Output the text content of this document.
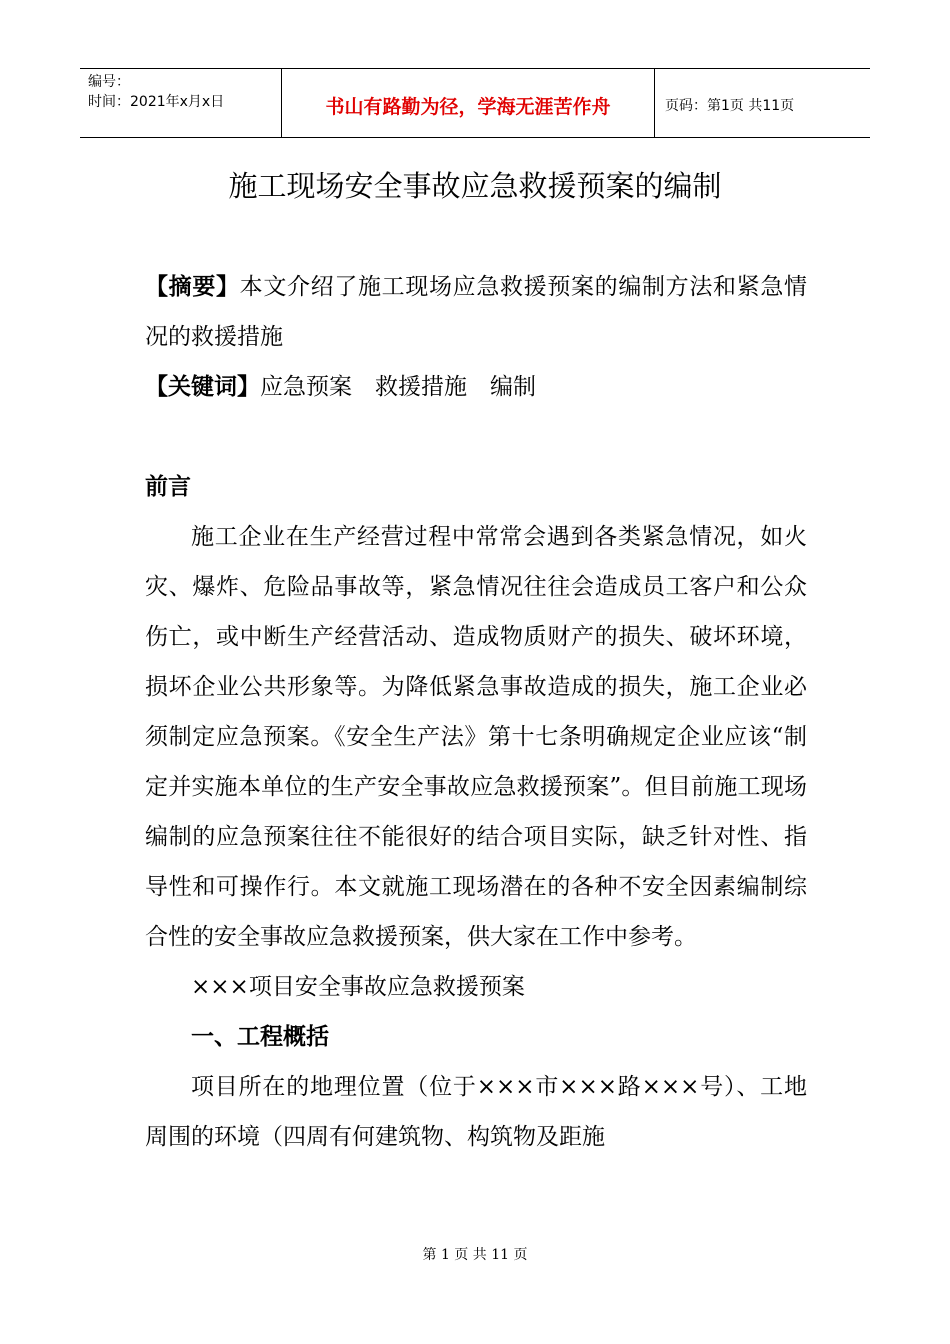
编号：
时间：2021年x月x日	书山有路勤为径，学海无涯苦作舟	页码：第1页 共11页
施工现场安全事故应急救援预案的编制

【摘要】本文介绍了施工现场应急救援预案的编制方法和紧急情况的救援措施

【关键词】应急预案　救援措施　编制

前言

施工企业在生产经营过程中常常会遇到各类紧急情况，如火灾、爆炸、危险品事故等，紧急情况往往会造成员工客户和公众伤亡，或中断生产经营活动、造成物质财产的损失、破坏环境，损坏企业公共形象等。为降低紧急事故造成的损失，施工企业必须制定应急预案。《安全生产法》第十七条明确规定企业应该“制定并实施本单位的生产安全事故应急救援预案”。但目前施工现场编制的应急预案往往不能很好的结合项目实际，缺乏针对性、指导性和可操作行。本文就施工现场潜在的各种不安全因素编制综合性的安全事故应急救援预案，供大家在工作中参考。

×××项目安全事故应急救援预案

一、工程概括

项目所在的地理位置（位于×××市×××路×××号）、工地周围的环境（四周有何建筑物、构筑物及距施

第 1 页 共 11 页
